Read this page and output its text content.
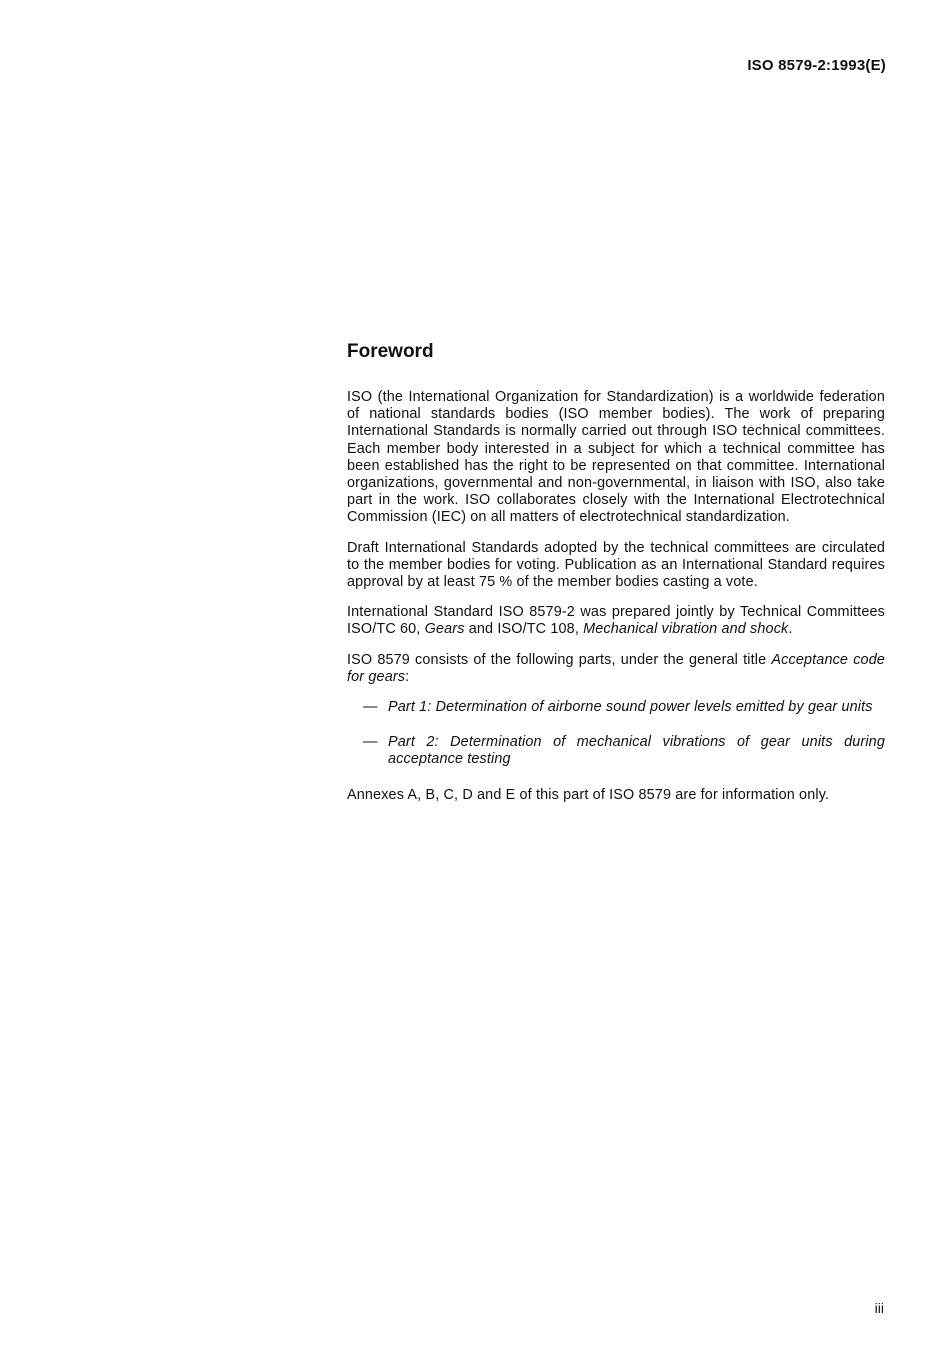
ISO 8579-2:1993(E)
Foreword

ISO (the International Organization for Standardization) is a worldwide federation of national standards bodies (ISO member bodies). The work of preparing International Standards is normally carried out through ISO technical committees. Each member body interested in a subject for which a technical committee has been established has the right to be represented on that committee. International organizations, governmental and non-governmental, in liaison with ISO, also take part in the work. ISO collaborates closely with the International Electrotechnical Commission (IEC) on all matters of electrotechnical standardization.

Draft International Standards adopted by the technical committees are circulated to the member bodies for voting. Publication as an International Standard requires approval by at least 75 % of the member bodies casting a vote.

International Standard ISO 8579-2 was prepared jointly by Technical Committees ISO/TC 60, Gears and ISO/TC 108, Mechanical vibration and shock.

ISO 8579 consists of the following parts, under the general title Acceptance code for gears:

— Part 1: Determination of airborne sound power levels emitted by gear units
— Part 2: Determination of mechanical vibrations of gear units during acceptance testing

Annexes A, B, C, D and E of this part of ISO 8579 are for information only.

iii
